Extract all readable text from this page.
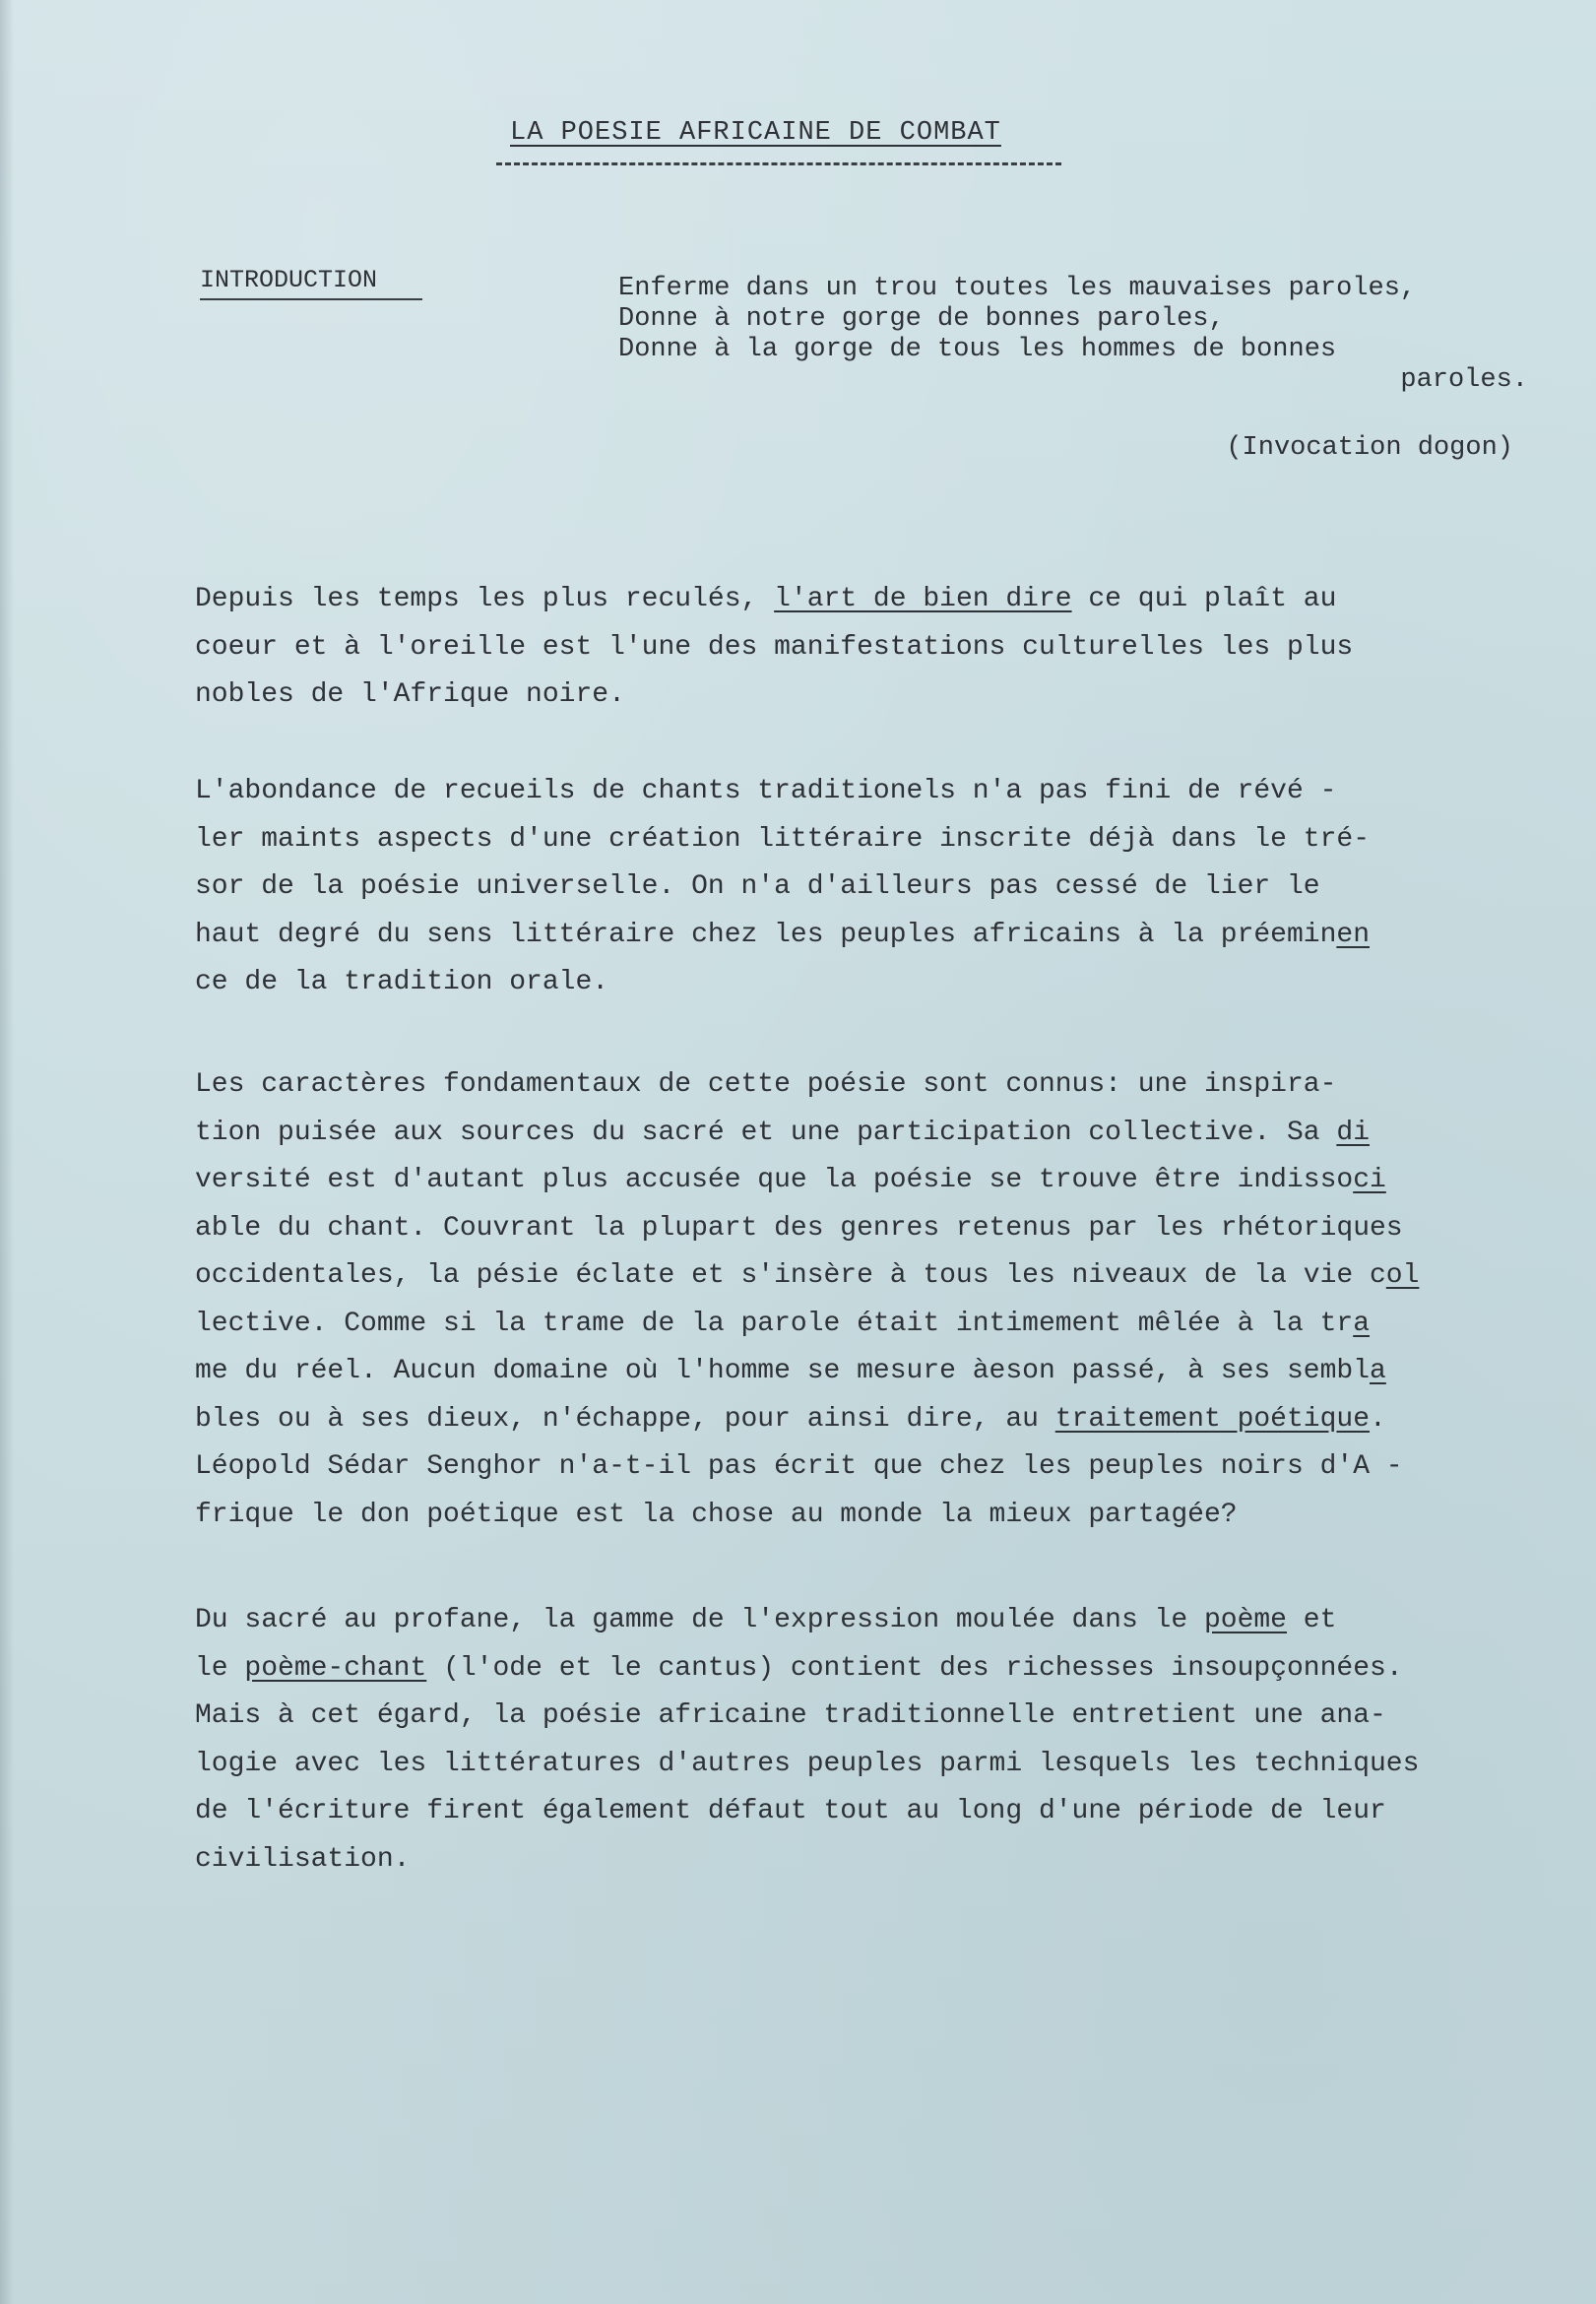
LA POESIE AFRICAINE DE COMBAT
INTRODUCTION	Enferme dans un trou toutes les mauvaises paroles,
Donne à notre gorge de bonnes paroles,
Donne à la gorge de tous les hommes de bonnes
paroles.
(Invocation dogon)
Depuis les temps les plus reculés, l'art de bien dire ce qui plaît au
coeur et à l'oreille est l'une des manifestations culturelles les plus
nobles de l'Afrique noire.
L'abondance de recueils de chants traditionels n'a pas fini de révé -
ler maints aspects d'une création littéraire inscrite déjà dans le tré-
sor de la poésie universelle. On n'a d'ailleurs pas cessé de lier le
haut degré du sens littéraire chez les peuples africains à la préeminen
ce de la tradition orale.
Les caractères fondamentaux de cette poésie sont connus: une inspira-
tion puisée aux sources du sacré et une participation collective. Sa di
versité est d'autant plus accusée que la poésie se trouve être indissoci
able du chant. Couvrant la plupart des genres retenus par les rhétoriques
occidentales, la pésie éclate et s'insère à tous les niveaux de la vie col
lective. Comme si la trame de la parole était intimement mêlée à la tra
me du réel. Aucun domaine où l'homme se mesure àeson passé, à ses sembla
bles ou à ses dieux, n'échappe, pour ainsi dire, au traitement poétique.
Léopold Sédar Senghor n'a-t-il pas écrit que chez les peuples noirs d'A -
frique le don poétique est la chose au monde la mieux partagée?
Du sacré au profane, la gamme de l'expression moulée dans le poème et
le poème-chant (l'ode et le cantus) contient des richesses insoupçonnées.
Mais à cet égard, la poésie africaine traditionnelle entretient une ana-
logie avec les littératures d'autres peuples parmi lesquels les techniques
de l'écriture firent également défaut tout au long d'une période de leur
civilisation.
